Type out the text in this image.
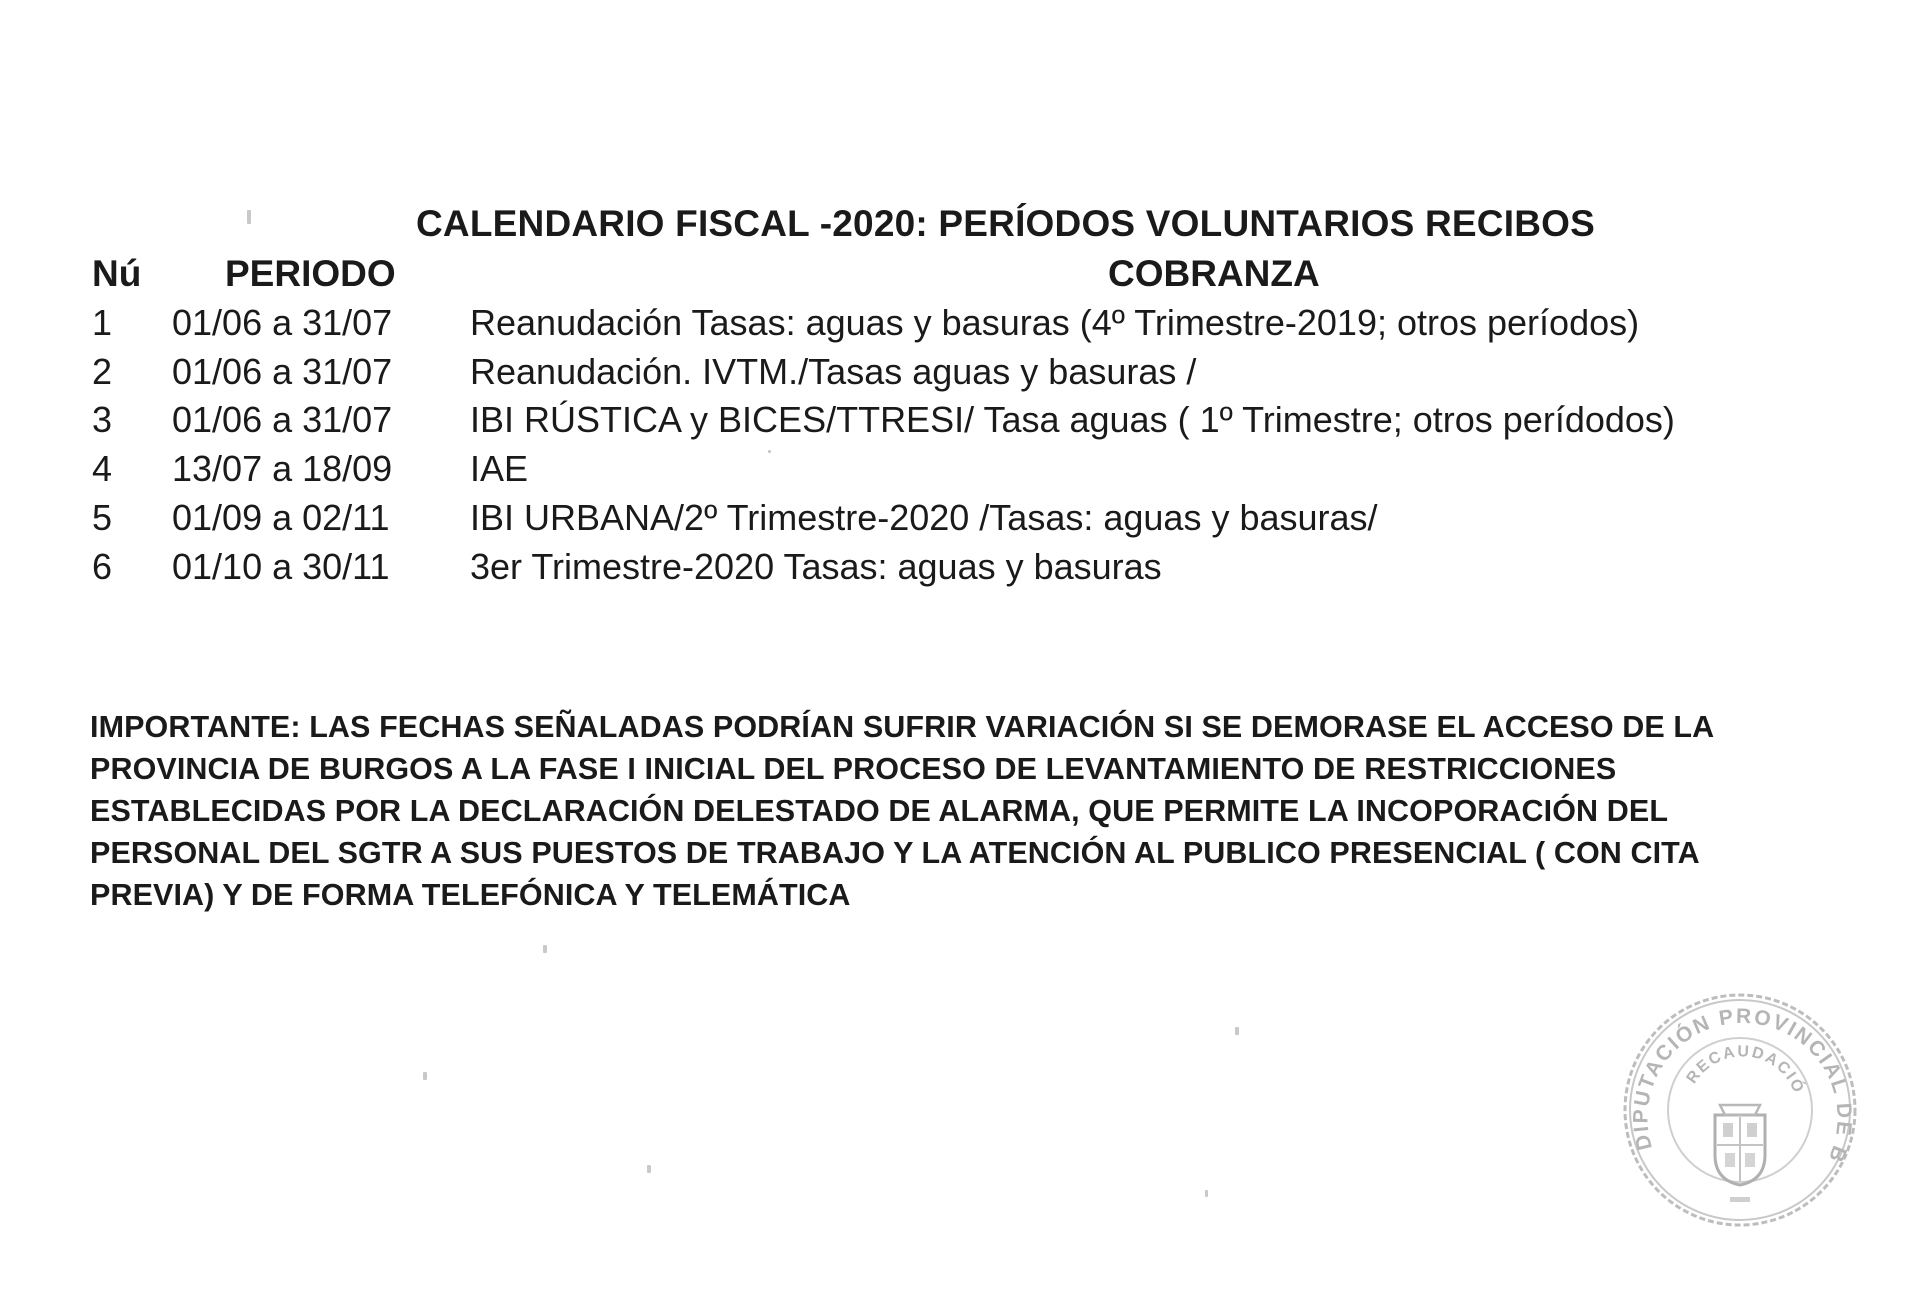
CALENDARIO FISCAL -2020: PERÍODOS VOLUNTARIOS RECIBOS
Nú PERIODO	COBRANZA
1 01/06 a 31/07 Reanudación Tasas: aguas y basuras (4º Trimestre-2019; otros períodos)
2 01/06 a 31/07 Reanudación. IVTM./Tasas aguas y basuras /
3 01/06 a 31/07 IBI RÚSTICA y BICES/TTRESI/ Tasa aguas ( 1º Trimestre; otros perídodos)
4 13/07 a 18/09 IAE
5 01/09 a 02/11 IBI URBANA/2º Trimestre-2020 /Tasas: aguas y basuras/
6 01/10 a 30/11 3er Trimestre-2020 Tasas: aguas y basuras
IMPORTANTE: LAS FECHAS SEÑALADAS PODRÍAN SUFRIR VARIACIÓN SI SE DEMORASE EL ACCESO DE LA
PROVINCIA DE BURGOS A LA FASE I INICIAL DEL PROCESO DE LEVANTAMIENTO DE RESTRICCIONES
ESTABLECIDAS POR LA DECLARACIÓN DELESTADO DE ALARMA, QUE PERMITE LA INCOPORACIÓN DEL
PERSONAL DEL SGTR A SUS PUESTOS DE TRABAJO Y LA ATENCIÓN AL PUBLICO PRESENCIAL ( CON CITA
PREVIA) Y DE FORMA TELEFÓNICA Y TELEMÁTICA
DIPUTACIÓN PROVINCIAL DE B
RECAUDACIÓ
